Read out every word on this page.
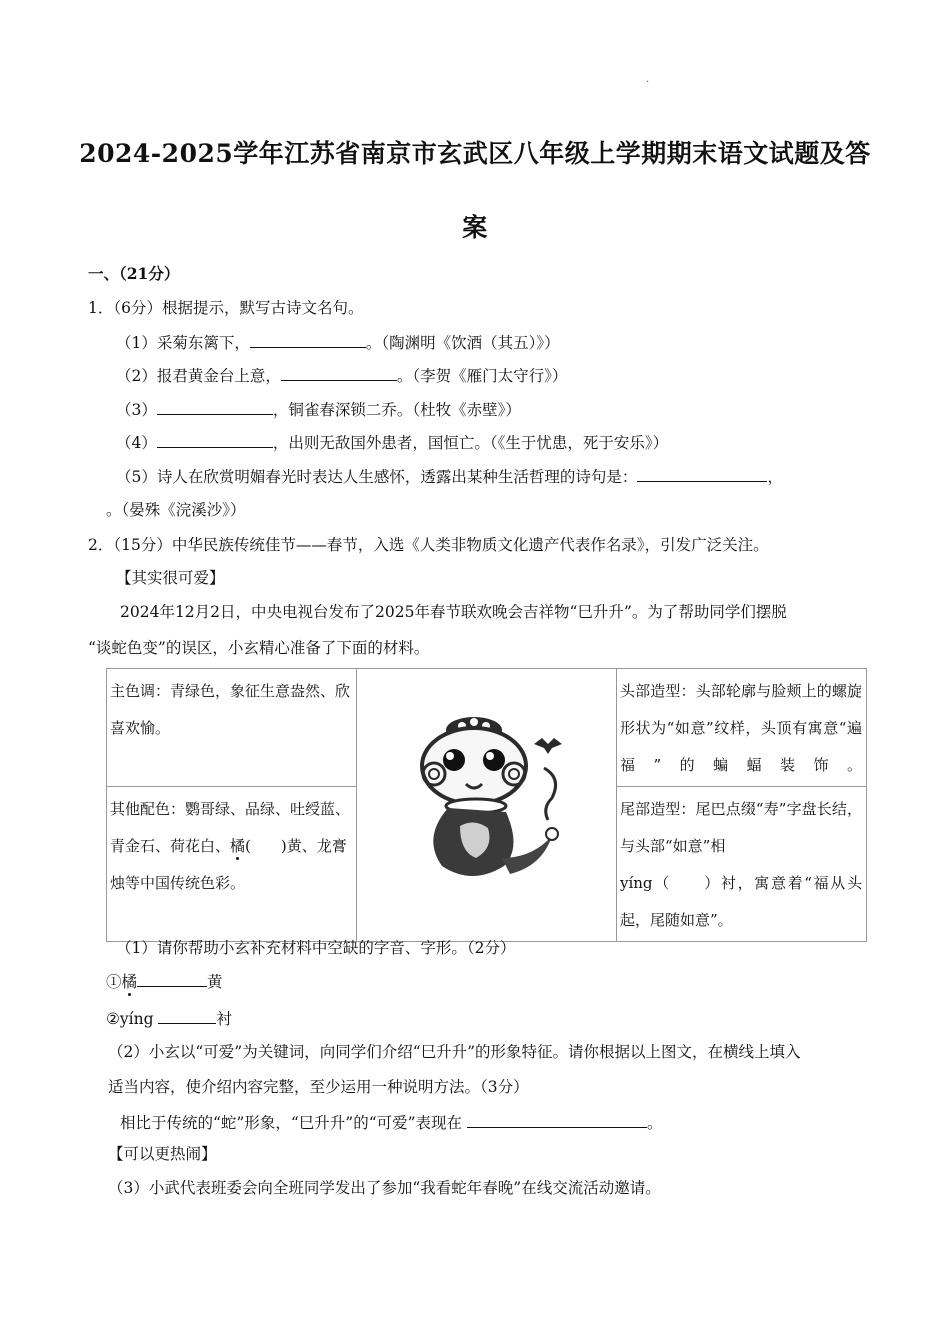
.
2024-2025学年江苏省南京市玄武区八年级上学期期末语文试题及答
案
一、（21分）
1．（6分）根据提示，默写古诗文名句。
（1）采菊东篱下，	。（陶渊明《饮酒（其五）》）
（2）报君黄金台上意，	。（李贺《雁门太守行》）
（3）	，铜雀春深锁二乔。（杜牧《赤壁》）
（4）	，出则无敌国外患者，国恒亡。（《生于忧患，死于安乐》）
（5）诗人在欣赏明媚春光时表达人生感怀，透露出某种生活哲理的诗句是：	，
。（晏殊《浣溪沙》）
2．（15分）中华民族传统佳节——春节，入选《人类非物质文化遗产代表作名录》，引发广泛关注。
【其实很可爱】
2024年12月2日，中央电视台发布了2025年春节联欢晚会吉祥物“巳升升”。为了帮助同学们摆脱
“谈蛇色变”的误区，小玄精心准备了下面的材料。
主色调：青绿色，象征生意盎然、欣喜欢愉。		头部造型：头部轮廓与脸颊上的螺旋形状为“如意”纹样，头顶有寓意“遍福”的蝙蝠装饰。

其他配色：鹦哥绿、品绿、吐绶蓝、青金石、荷花白、橘(　　)黄、龙膏烛等中国传统色彩。		尾部造型：尾巴点缀“寿”字盘长结，与头部“如意”相
yíng（　　）衬，寓意着“福从头起，尾随如意”。
（1）请你帮助小玄补充材料中空缺的字音、字形。（2分）
①橘	黄
②yíng	衬
（2）小玄以“可爱”为关键词，向同学们介绍“巳升升”的形象特征。请你根据以上图文，在横线上填入
适当内容，使介绍内容完整，至少运用一种说明方法。（3分）
相比于传统的“蛇”形象，“巳升升”的“可爱”表现在	。
【可以更热闹】
（3）小武代表班委会向全班同学发出了参加“我看蛇年春晚”在线交流活动邀请。
